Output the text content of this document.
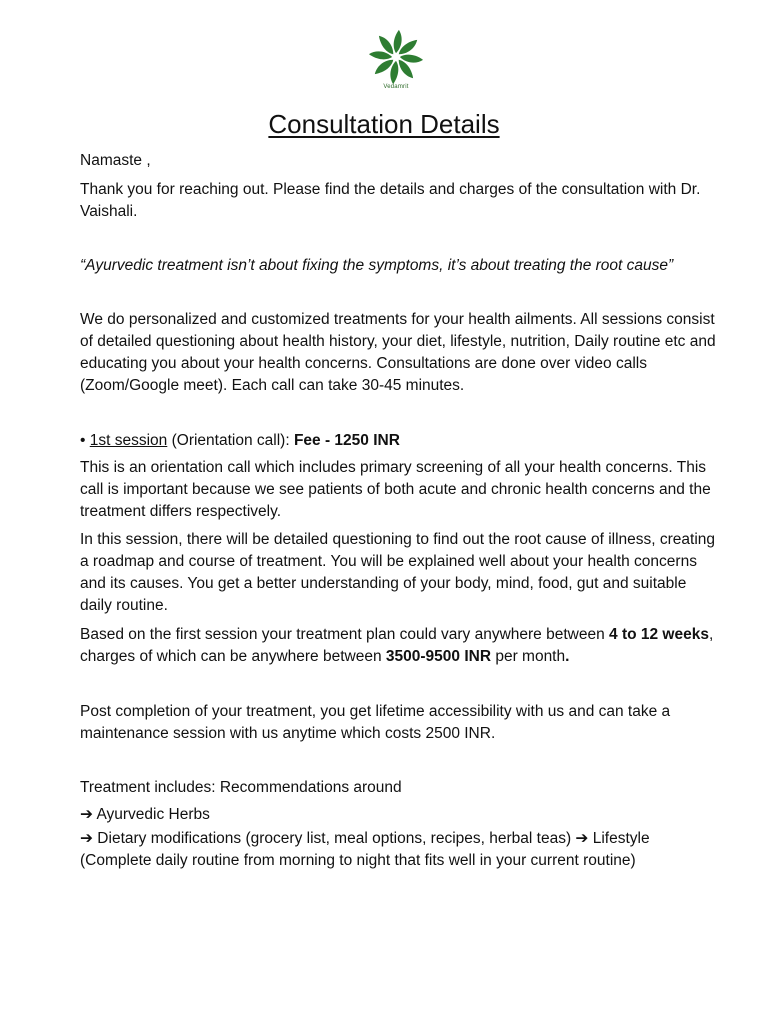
Vedamrit
Consultation Details

Namaste ,

Thank you for reaching out. Please find the details and charges of the consultation with Dr. Vaishali.

“Ayurvedic treatment isn’t about fixing the symptoms, it’s about treating the root cause”

We do personalized and customized treatments for your health ailments. All sessions consist of detailed questioning about health history, your diet, lifestyle, nutrition, Daily routine etc and educating you about your health concerns. Consultations are done over video calls (Zoom/Google meet). Each call can take 30-45 minutes.

• 1st session (Orientation call): Fee - 1250 INR

This is an orientation call which includes primary screening of all your health concerns. This call is important because we see patients of both acute and chronic health concerns and the treatment differs respectively.

In this session, there will be detailed questioning to find out the root cause of illness, creating a roadmap and course of treatment. You will be explained well about your health concerns and its causes. You get a better understanding of your body, mind, food, gut and suitable daily routine.

Based on the first session your treatment plan could vary anywhere between 4 to 12 weeks, charges of which can be anywhere between 3500-9500 INR per month.

Post completion of your treatment, you get lifetime accessibility with us and can take a maintenance session with us anytime which costs 2500 INR.

Treatment includes: Recommendations around

➔ Ayurvedic Herbs

➔ Dietary modifications (grocery list, meal options, recipes, herbal teas) ➔ Lifestyle (Complete daily routine from morning to night that fits well in your current routine)
